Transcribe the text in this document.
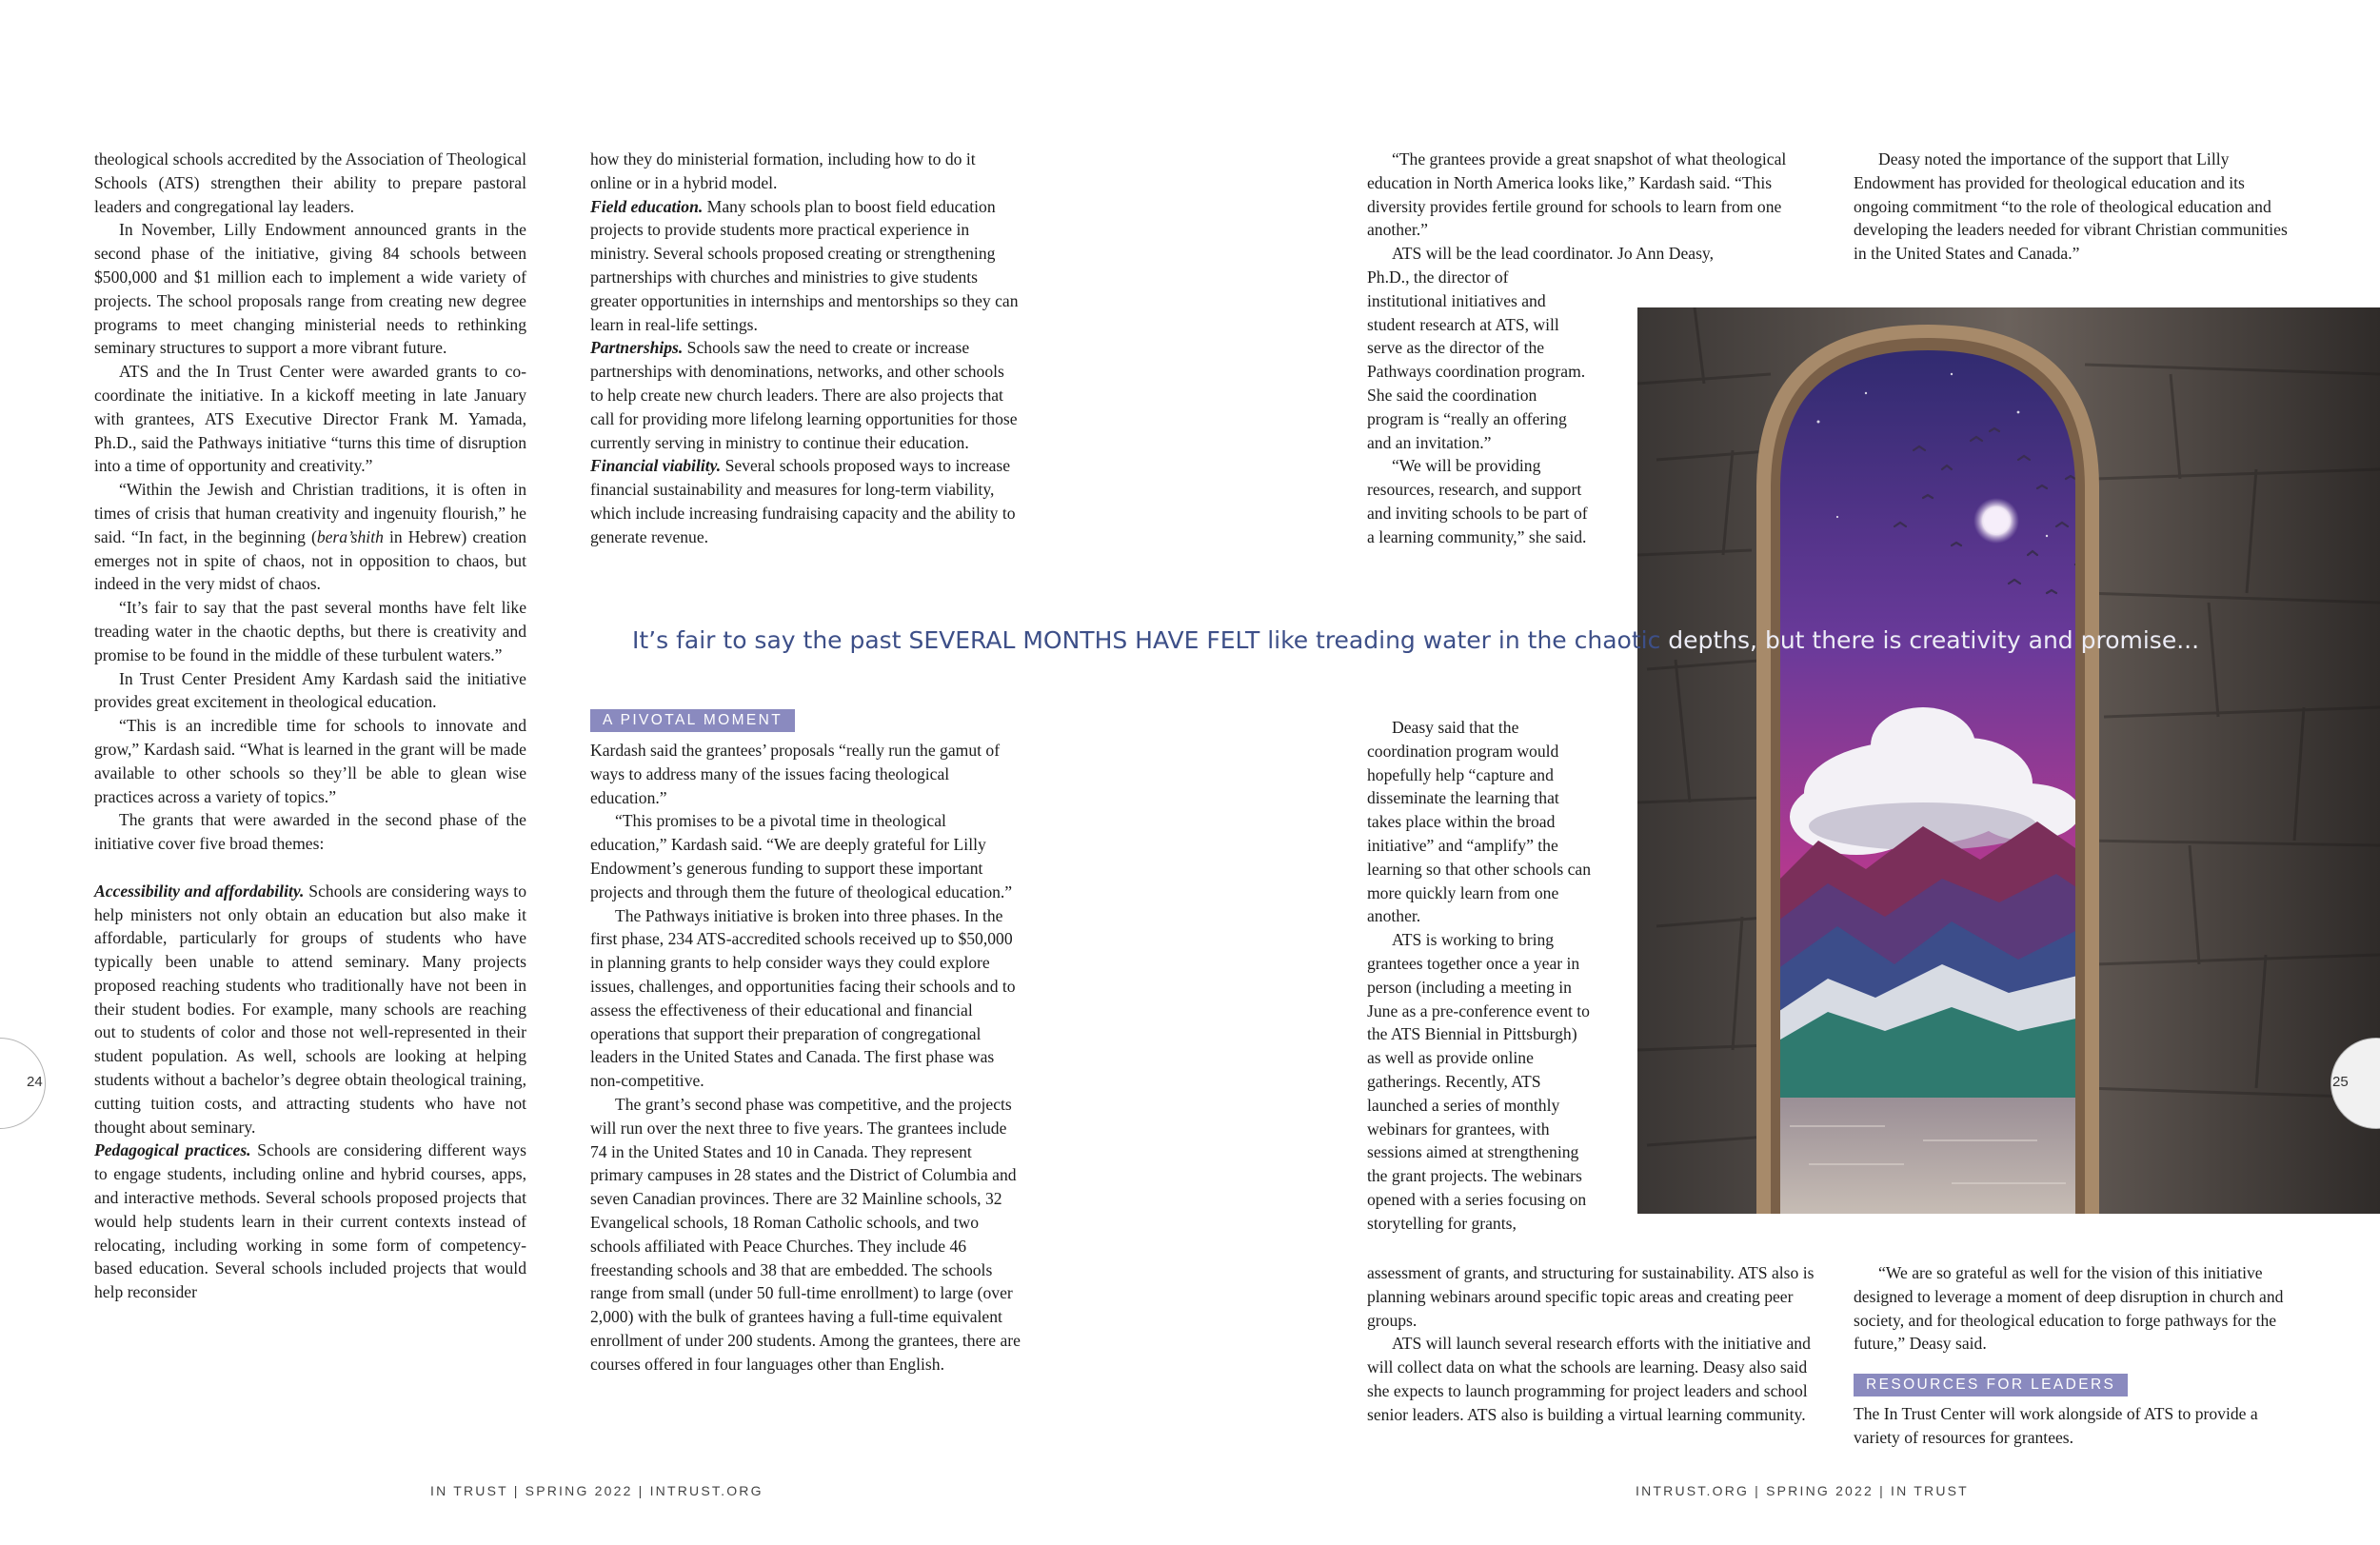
theological schools accredited by the Association of Theological Schools (ATS) strengthen their ability to prepare pastoral leaders and congregational lay leaders.

In November, Lilly Endowment announced grants in the second phase of the initiative, giving 84 schools between $500,000 and $1 million each to implement a wide variety of projects. The school proposals range from creating new degree programs to meet changing ministerial needs to rethinking seminary structures to support a more vibrant future.

ATS and the In Trust Center were awarded grants to co-coordinate the initiative. In a kickoff meeting in late January with grantees, ATS Executive Director Frank M. Yamada, Ph.D., said the Pathways initiative “turns this time of disruption into a time of opportunity and creativity.”

“Within the Jewish and Christian traditions, it is often in times of crisis that human creativity and ingenuity flourish,” he said. “In fact, in the beginning (bera’shith in Hebrew) creation emerges not in spite of chaos, not in opposition to chaos, but indeed in the very midst of chaos.

“It’s fair to say that the past several months have felt like treading water in the chaotic depths, but there is creativity and promise to be found in the middle of these turbulent waters.”

In Trust Center President Amy Kardash said the initiative provides great excitement in theological education.

“This is an incredible time for schools to innovate and grow,” Kardash said. “What is learned in the grant will be made available to other schools so they’ll be able to glean wise practices across a variety of topics.”

The grants that were awarded in the second phase of the initiative cover five broad themes:

Accessibility and affordability. Schools are considering ways to help ministers not only obtain an education but also make it affordable, particularly for groups of students who have typically been unable to attend seminary. Many projects proposed reaching students who traditionally have not been in their student bodies. For example, many schools are reaching out to students of color and those not well-represented in their student population. As well, schools are looking at helping students without a bachelor’s degree obtain theological training, cutting tuition costs, and attracting students who have not thought about seminary.

Pedagogical practices. Schools are considering different ways to engage students, including online and hybrid courses, apps, and interactive methods. Several schools proposed projects that would help students learn in their current contexts instead of relocating, including working in some form of competency-based education. Several schools included projects that would help reconsider

how they do ministerial formation, including how to do it online or in a hybrid model.

Field education. Many schools plan to boost field education projects to provide students more practical experience in ministry. Several schools proposed creating or strengthening partnerships with churches and ministries to give students greater opportunities in internships and mentorships so they can learn in real-life settings.

Partnerships. Schools saw the need to create or increase partnerships with denominations, networks, and other schools to help create new church leaders. There are also projects that call for providing more lifelong learning opportunities for those currently serving in ministry to continue their education.

Financial viability. Several schools proposed ways to increase financial sustainability and measures for long-term viability, which include increasing fundraising capacity and the ability to generate revenue.

A PIVOTAL MOMENT

Kardash said the grantees’ proposals “really run the gamut of ways to address many of the issues facing theological education.”

“This promises to be a pivotal time in theological education,” Kardash said. “We are deeply grateful for Lilly Endowment’s generous funding to support these important projects and through them the future of theological education.”

The Pathways initiative is broken into three phases. In the first phase, 234 ATS-accredited schools received up to $50,000 in planning grants to help consider ways they could explore issues, challenges, and opportunities facing their schools and to assess the effectiveness of their educational and financial operations that support their preparation of congregational leaders in the United States and Canada. The first phase was non-competitive.

The grant’s second phase was competitive, and the projects will run over the next three to five years. The grantees include 74 in the United States and 10 in Canada. They represent primary campuses in 28 states and the District of Columbia and seven Canadian provinces. There are 32 Mainline schools, 32 Evangelical schools, 18 Roman Catholic schools, and two schools affiliated with Peace Churches. They include 46 freestanding schools and 38 that are embedded. The schools range from small (under 50 full-time enrollment) to large (over 2,000) with the bulk of grantees having a full-time equivalent enrollment of under 200 students. Among the grantees, there are courses offered in four languages other than English.

IN TRUST | SPRING 2022 | INTRUST.ORG
24
It’s fair to say the past SEVERAL MONTHS HAVE FELT like treading water in the chaotic depths, but there is creativity and promise...

“The grantees provide a great snapshot of what theological education in North America looks like,” Kardash said. “This diversity provides fertile ground for schools to learn from one another.”

ATS will be the lead coordinator. Jo Ann Deasy,

Ph.D., the director of institutional initiatives and student research at ATS, will serve as the director of the Pathways coordination program.

She said the coordination program is “really an offering and an invitation.”

“We will be providing resources, research, and support and inviting schools to be part of a learning community,” she said.

Deasy said that the coordination program would hopefully help “capture and disseminate the learning that takes place within the broad initiative” and “amplify” the learning so that other schools can more quickly learn from one another.

ATS is working to bring grantees together once a year in person (including a meeting in June as a pre-conference event to the ATS Biennial in Pittsburgh) as well as provide online gatherings. Recently, ATS launched a series of monthly webinars for grantees, with sessions aimed at strengthening the grant projects. The webinars opened with a series focusing on storytelling for grants,

assessment of grants, and structuring for sustainability. ATS also is planning webinars around specific topic areas and creating peer groups.

ATS will launch several research efforts with the initiative and will collect data on what the schools are learning. Deasy also said she expects to launch programming for project leaders and school senior leaders. ATS also is building a virtual learning community.

Deasy noted the importance of the support that Lilly Endowment has provided for theological education and its ongoing commitment “to the role of theological education and developing the leaders needed for vibrant Christian communities in the United States and Canada.”

“We are so grateful as well for the vision of this initiative designed to leverage a moment of deep disruption in church and society, and for theological education to forge pathways for the future,” Deasy said.

RESOURCES FOR LEADERS

The In Trust Center will work alongside of ATS to provide a variety of resources for grantees.

INTRUST.ORG | SPRING 2022 | IN TRUST
25
